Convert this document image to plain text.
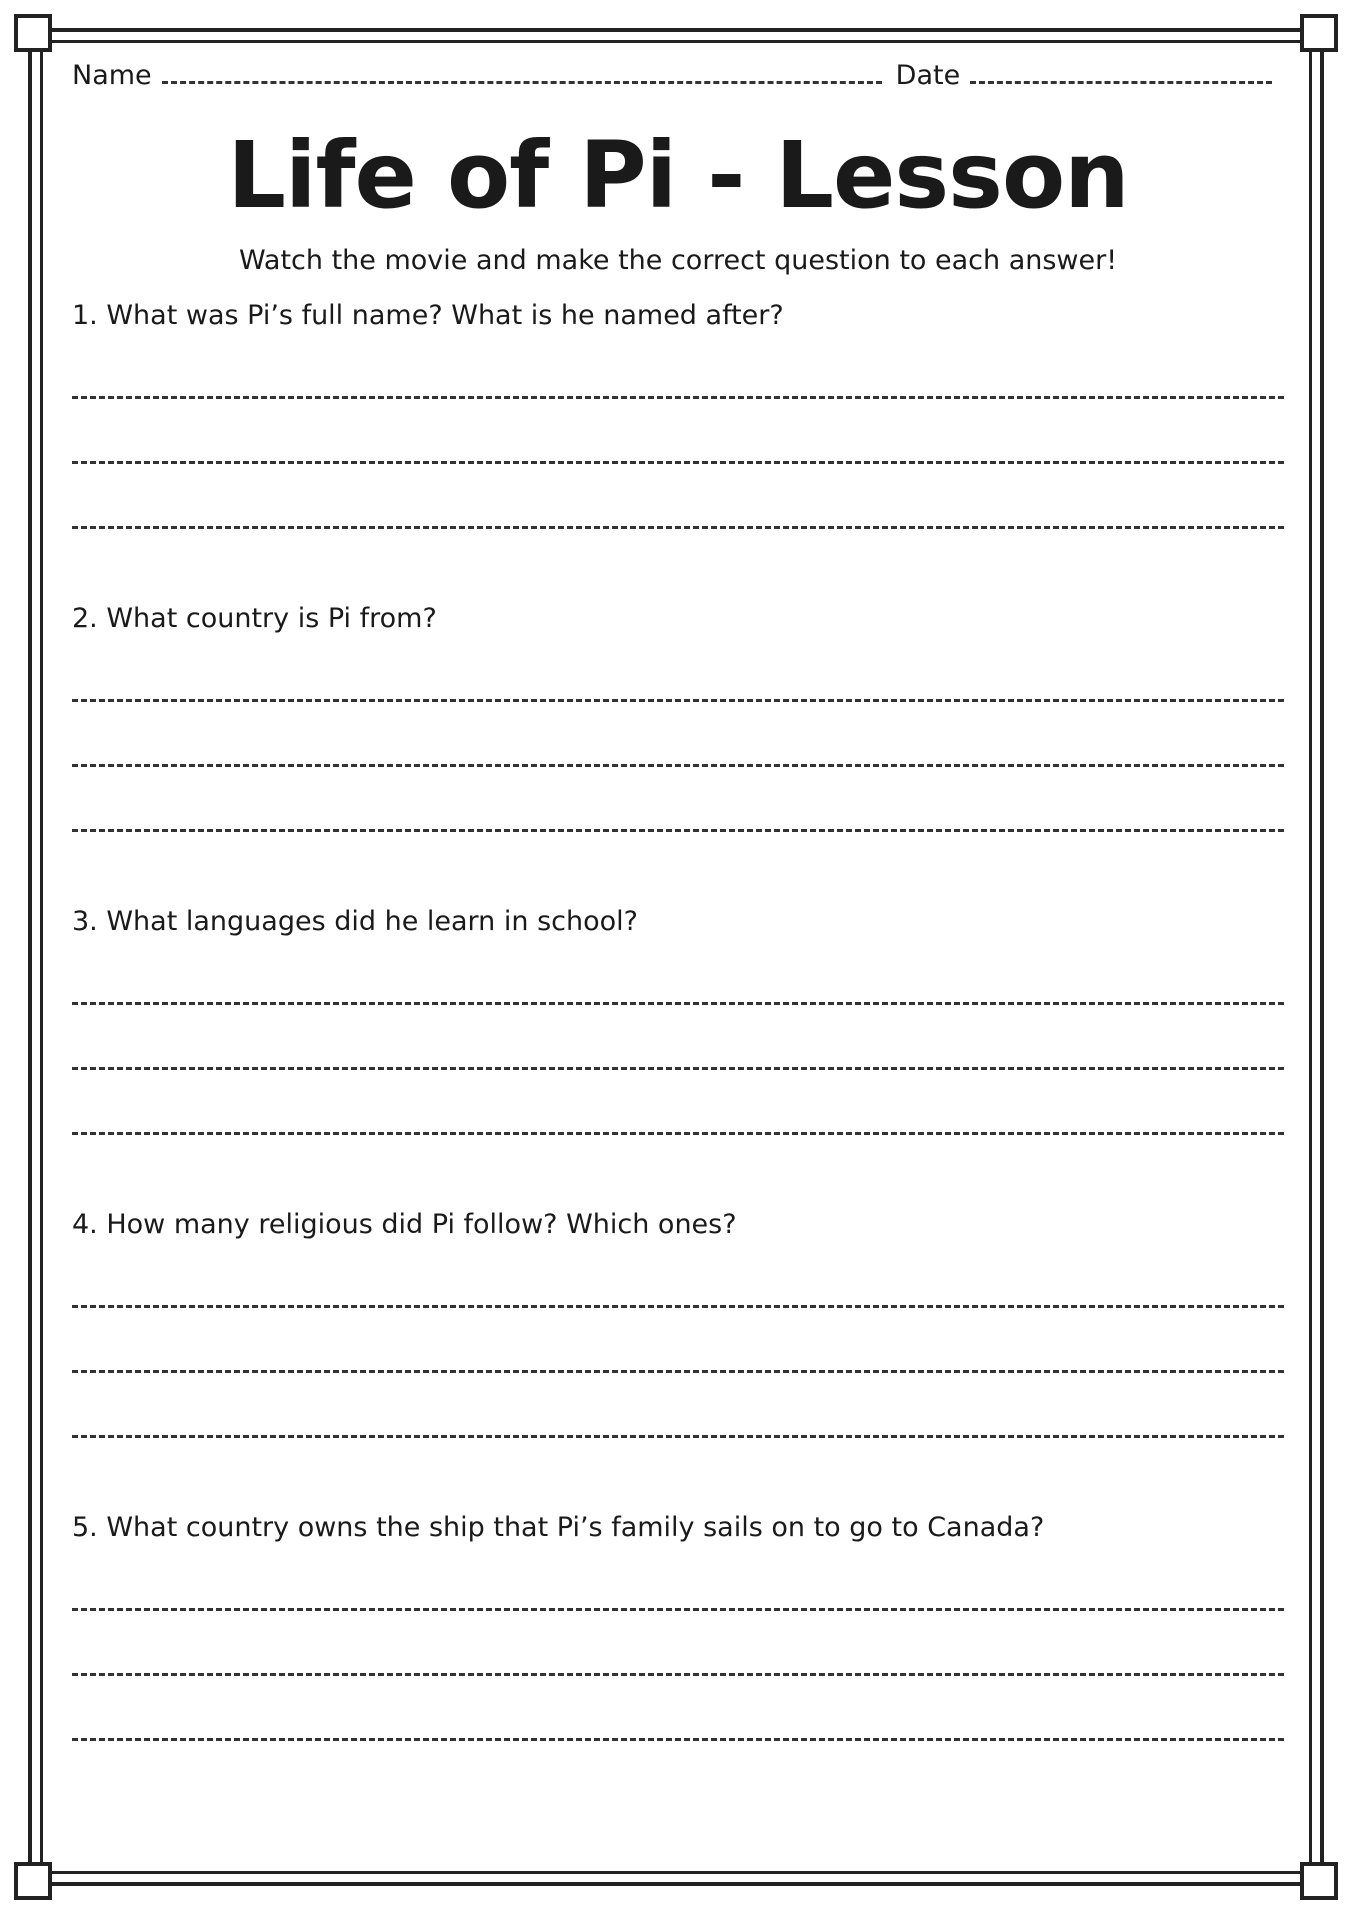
Name	Date
Life of Pi - Lesson
Watch the movie and make the correct question to each answer!
1. What was Pi’s full name? What is he named after?
2. What country is Pi from?
3. What languages did he learn in school?
4. How many religious did Pi follow? Which ones?
5. What country owns the ship that Pi’s family sails on to go to Canada?
